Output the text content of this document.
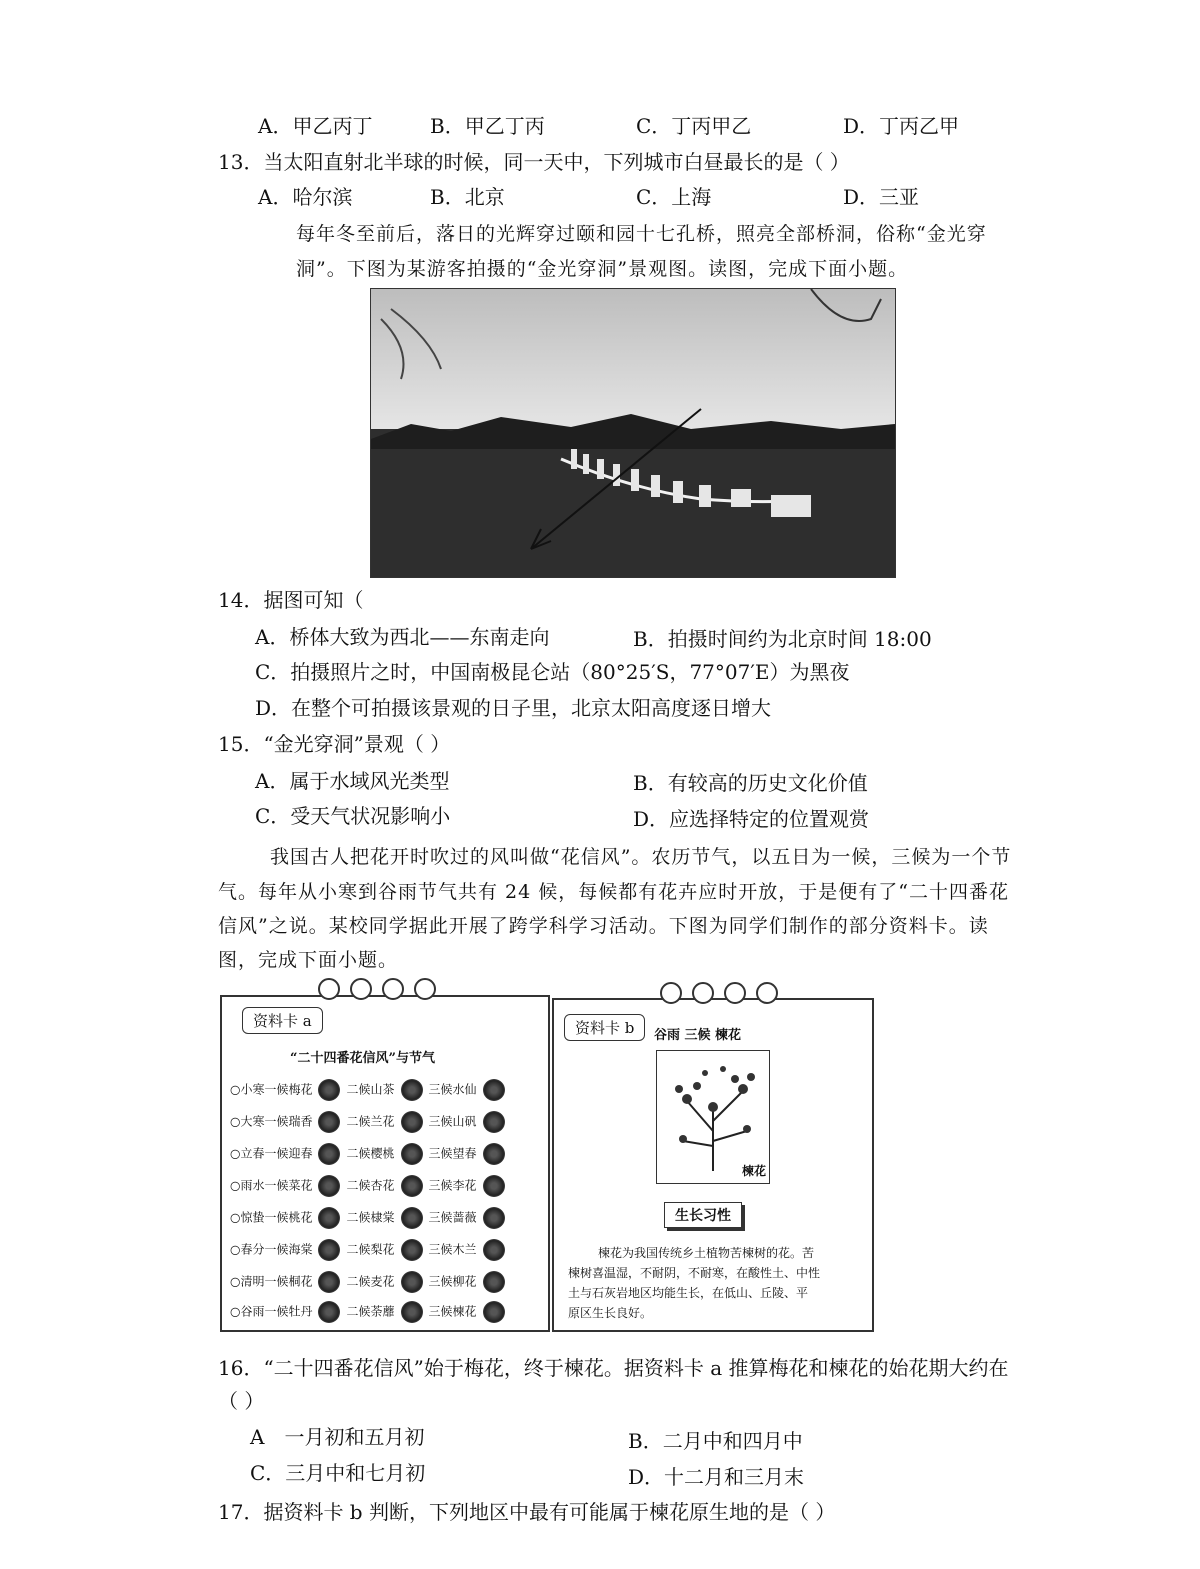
A．甲乙丙丁	B．甲乙丁丙	C．丁丙甲乙	D．丁丙乙甲
13．当太阳直射北半球的时候，同一天中，下列城市白昼最长的是（ ）
A．哈尔滨	B．北京	C．上海	D．三亚
每年冬至前后，落日的光辉穿过颐和园十七孔桥，照亮全部桥洞，俗称“金光穿
洞”。下图为某游客拍摄的“金光穿洞”景观图。读图，完成下面小题。
14．据图可知（
A．桥体大致为西北——东南走向	B．拍摄时间约为北京时间 18:00
C．拍摄照片之时，中国南极昆仑站（80°25′S，77°07′E）为黑夜
D．在整个可拍摄该景观的日子里，北京太阳高度逐日增大
15．“金光穿洞”景观（ ）
A．属于水域风光类型	B．有较高的历史文化价值
C．受天气状况影响小	D．应选择特定的位置观赏
我国古人把花开时吹过的风叫做“花信风”。农历节气，以五日为一候，三候为一个节
气。每年从小寒到谷雨节气共有 24 候，每候都有花卉应时开放，于是便有了“二十四番花
信风”之说。某校同学据此开展了跨学科学习活动。下图为同学们制作的部分资料卡。读
图，完成下面小题。
资料卡 a
“二十四番花信风”与节气
○小寒一候梅花	二候山茶	三候水仙
○大寒一候瑞香	二候兰花	三候山矾
○立春一候迎春	二候樱桃	三候望春
○雨水一候菜花	二候杏花	三候李花
○惊蛰一候桃花	二候棣棠	三候蔷薇
○春分一候海棠	二候梨花	三候木兰
○清明一候桐花	二候麦花	三候柳花
○谷雨一候牡丹	二候荼蘼	三候楝花
资料卡 b	谷雨 三候 楝花
楝花
生长习性
楝花为我国传统乡土植物苦楝树的花。苦
楝树喜温湿，不耐阴，不耐寒，在酸性土、中性
土与石灰岩地区均能生长，在低山、丘陵、平
原区生长良好。
16．“二十四番花信风”始于梅花，终于楝花。据资料卡 a 推算梅花和楝花的始花期大约在
（ ）
A　一月初和五月初	B．二月中和四月中
C．三月中和七月初	D．十二月和三月末
17．据资料卡 b 判断，下列地区中最有可能属于楝花原生地的是（ ）
